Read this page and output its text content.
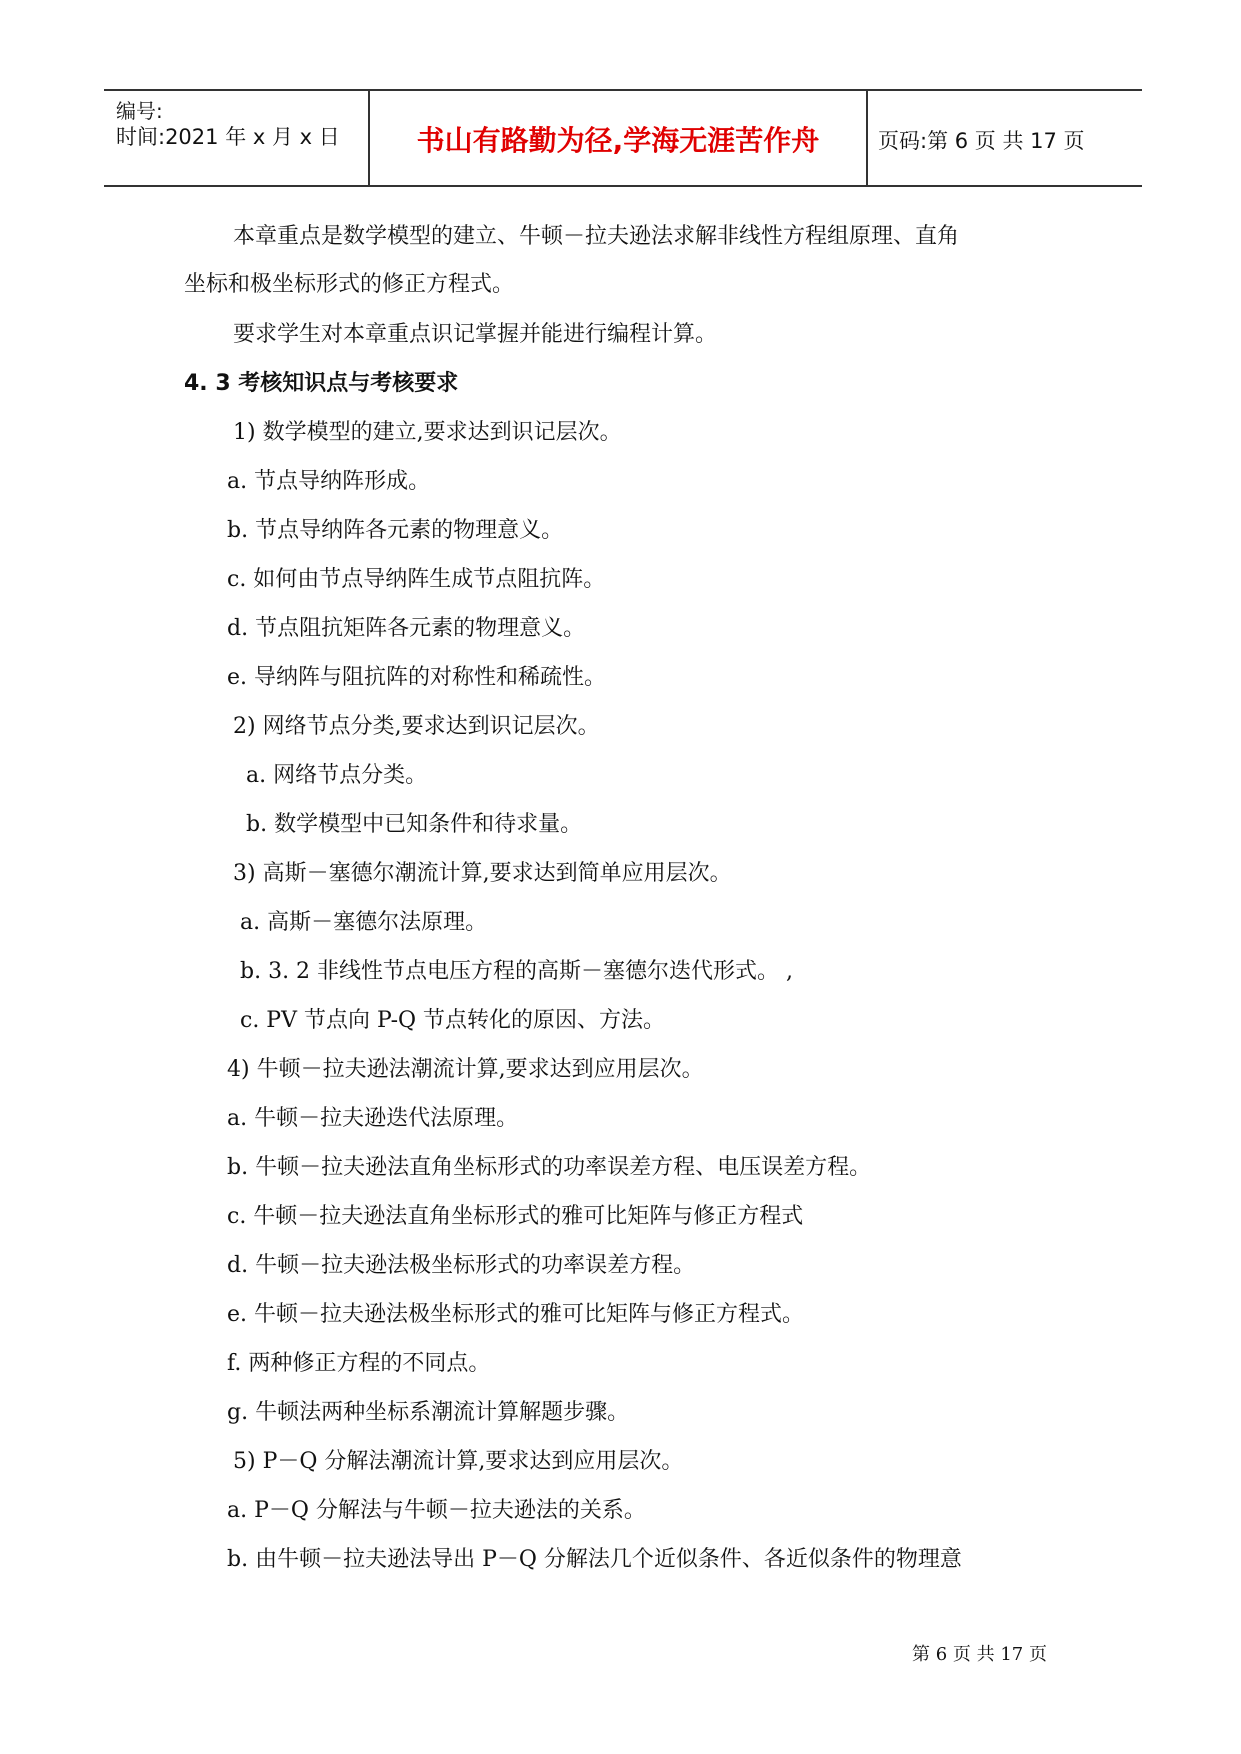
编号:
时间:2021 年 x 月 x 日	书山有路勤为径,学海无涯苦作舟	页码:第 6 页 共 17 页
本章重点是数学模型的建立、牛顿－拉夫逊法求解非线性方程组原理、直角
坐标和极坐标形式的修正方程式。
要求学生对本章重点识记掌握并能进行编程计算。
4. 3 考核知识点与考核要求
1) 数学模型的建立,要求达到识记层次。
a. 节点导纳阵形成。
b. 节点导纳阵各元素的物理意义。
c. 如何由节点导纳阵生成节点阻抗阵。
d. 节点阻抗矩阵各元素的物理意义。
e. 导纳阵与阻抗阵的对称性和稀疏性。
2) 网络节点分类,要求达到识记层次。
a. 网络节点分类。
b. 数学模型中已知条件和待求量。
3) 高斯－塞德尔潮流计算,要求达到简单应用层次。
a. 高斯－塞德尔法原理。
b. 3. 2 非线性节点电压方程的高斯－塞德尔迭代形式。 ,
c. PV 节点向 P-Q 节点转化的原因、方法。
4) 牛顿－拉夫逊法潮流计算,要求达到应用层次。
a. 牛顿－拉夫逊迭代法原理。
b. 牛顿－拉夫逊法直角坐标形式的功率误差方程、电压误差方程。
c. 牛顿－拉夫逊法直角坐标形式的雅可比矩阵与修正方程式
d. 牛顿－拉夫逊法极坐标形式的功率误差方程。
e. 牛顿－拉夫逊法极坐标形式的雅可比矩阵与修正方程式。
f. 两种修正方程的不同点。
g. 牛顿法两种坐标系潮流计算解题步骤。
5) P－Q 分解法潮流计算,要求达到应用层次。
a. P－Q 分解法与牛顿－拉夫逊法的关系。
b. 由牛顿－拉夫逊法导出 P－Q 分解法几个近似条件、各近似条件的物理意
第 6 页 共 17 页
